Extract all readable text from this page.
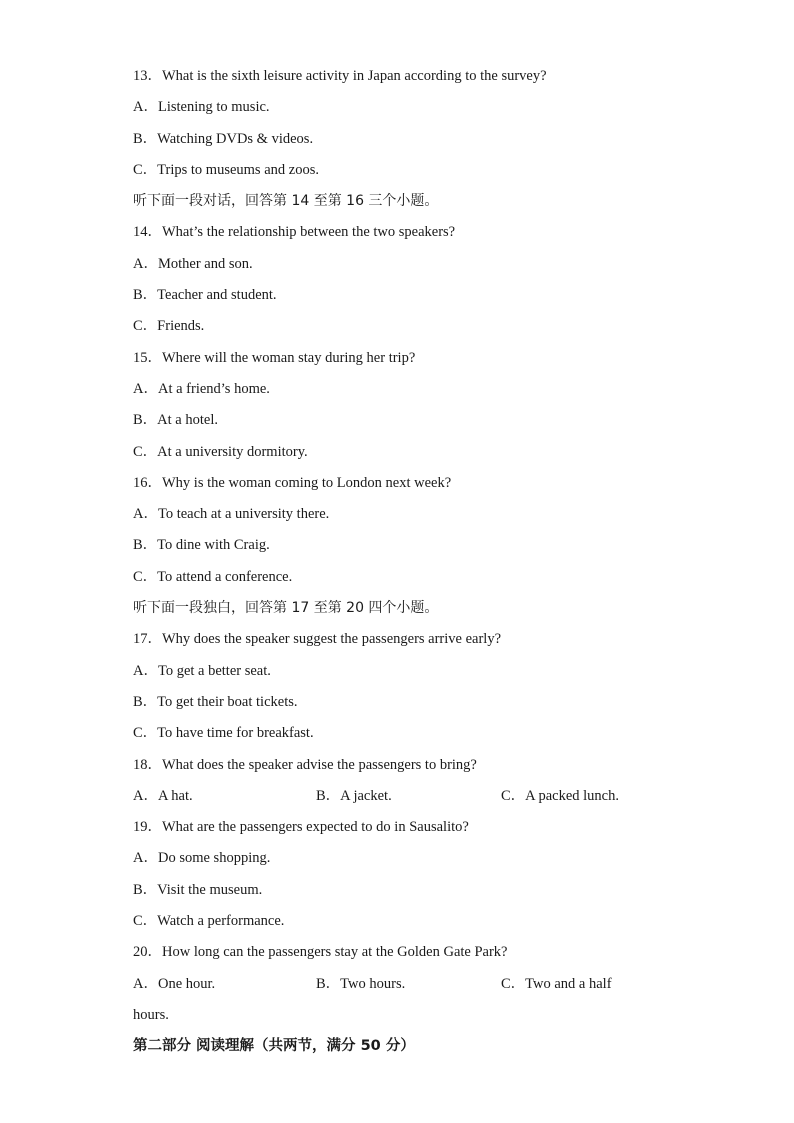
13．What is the sixth leisure activity in Japan according to the survey?
A．Listening to music.
B．Watching DVDs & videos.
C．Trips to museums and zoos.
听下面一段对话，回答第 14 至第 16 三个小题。
14．What’s the relationship between the two speakers?
A．Mother and son.
B．Teacher and student.
C．Friends.
15．Where will the woman stay during her trip?
A．At a friend’s home.
B．At a hotel.
C．At a university dormitory.
16．Why is the woman coming to London next week?
A．To teach at a university there.
B．To dine with Craig.
C．To attend a conference.
听下面一段独白，回答第 17 至第 20 四个小题。
17．Why does the speaker suggest the passengers arrive early?
A．To get a better seat.
B．To get their boat tickets.
C．To have time for breakfast.
18．What does the speaker advise the passengers to bring?
A．A hat.	B．A jacket.	C．A packed lunch.
19．What are the passengers expected to do in Sausalito?
A．Do some shopping.
B．Visit the museum.
C．Watch a performance.
20．How long can the passengers stay at the Golden Gate Park?
A．One hour.	B．Two hours.	C．Two and a half
hours.
第二部分 阅读理解（共两节，满分 50 分）
